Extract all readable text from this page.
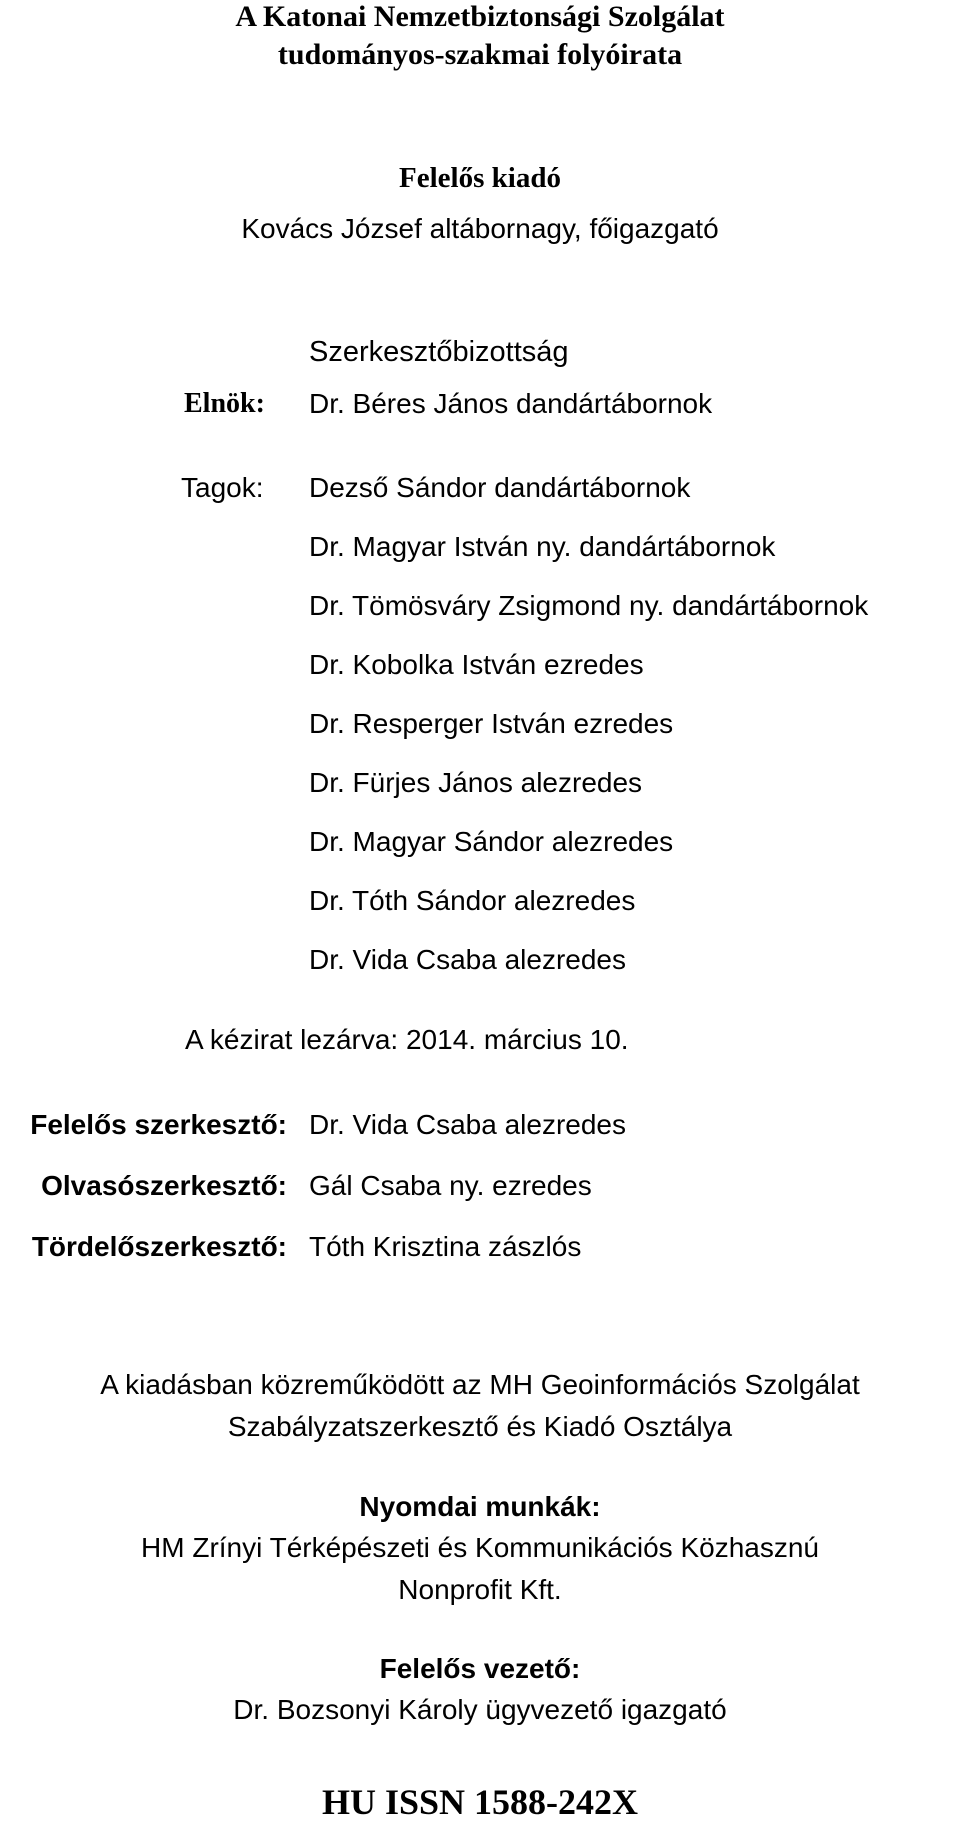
A Katonai Nemzetbiztonsági Szolgálat
tudományos-szakmai folyóirata
Felelős kiadó
Kovács József altábornagy, főigazgató
Szerkesztőbizottság
Elnök: Dr. Béres János dandártábornok
Tagok: Dezső Sándor dandártábornok
Dr. Magyar István ny. dandártábornok
Dr. Tömösváry Zsigmond ny. dandártábornok
Dr. Kobolka István ezredes
Dr. Resperger István ezredes
Dr. Fürjes János alezredes
Dr. Magyar Sándor alezredes
Dr. Tóth Sándor alezredes
Dr. Vida Csaba alezredes
A kézirat lezárva: 2014. március 10.
Felelős szerkesztő: Dr. Vida Csaba alezredes
Olvasószerkesztő: Gál Csaba ny. ezredes
Tördelőszerkesztő: Tóth Krisztina zászlós
A kiadásban közreműködött az MH Geoinformációs Szolgálat
Szabályzatszerkesztő és Kiadó Osztálya
Nyomdai munkák:
HM Zrínyi Térképészeti és Kommunikációs Közhasznú
Nonprofit Kft.
Felelős vezető:
Dr. Bozsonyi Károly ügyvezető igazgató
HU ISSN 1588-242X
